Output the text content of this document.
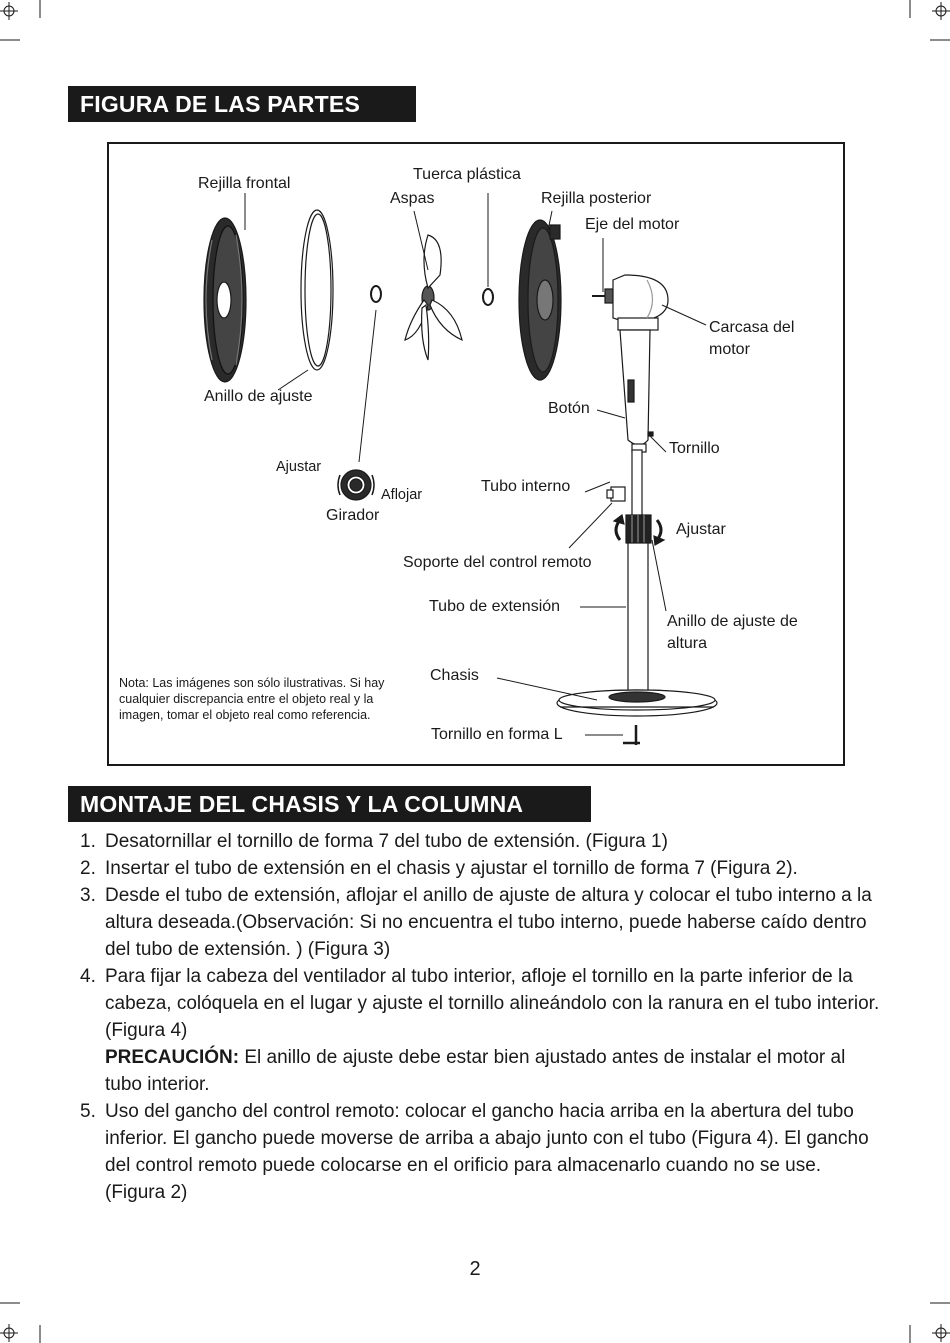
FIGURA DE LAS PARTES
Rejilla frontal
Tuerca plástica
Aspas	Rejilla posterior
Eje del motor
Carcasa del motor
Anillo de ajuste
Botón
Tornillo
Ajustar
Aflojar
Girador
Tubo interno
Ajustar
Soporte del control remoto
Tubo de extensión
Anillo de ajuste de altura
Chasis
Tornillo en forma L
Nota: Las imágenes son sólo ilustrativas. Si hay cualquier discrepancia entre el objeto real y la imagen, tomar el objeto real como referencia.
MONTAJE DEL CHASIS Y LA COLUMNA
1. Desatornillar el tornillo de forma 7 del tubo de extensión. (Figura 1)
2. Insertar el tubo de extensión en el chasis y ajustar el tornillo de forma 7 (Figura 2).
3. Desde el tubo de extensión, aflojar el anillo de ajuste de altura y colocar el tubo interno a la altura deseada.(Observación: Si no encuentra el tubo interno, puede haberse caído dentro del tubo de extensión. ) (Figura 3)
4. Para fijar la cabeza del ventilador al tubo interior, afloje el tornillo en la parte inferior de la cabeza, colóquela en el lugar y ajuste el tornillo alineándolo con la ranura en el tubo interior. (Figura 4)
PRECAUCIÓN: El anillo de ajuste debe estar bien ajustado antes de instalar el motor al tubo interior.
5. Uso del gancho del control remoto: colocar el gancho hacia arriba en la abertura del tubo inferior. El gancho puede moverse de arriba a abajo junto con el tubo (Figura 4). El gancho del control remoto puede colocarse en el orificio para almacenarlo cuando no se use. (Figura 2)
2
